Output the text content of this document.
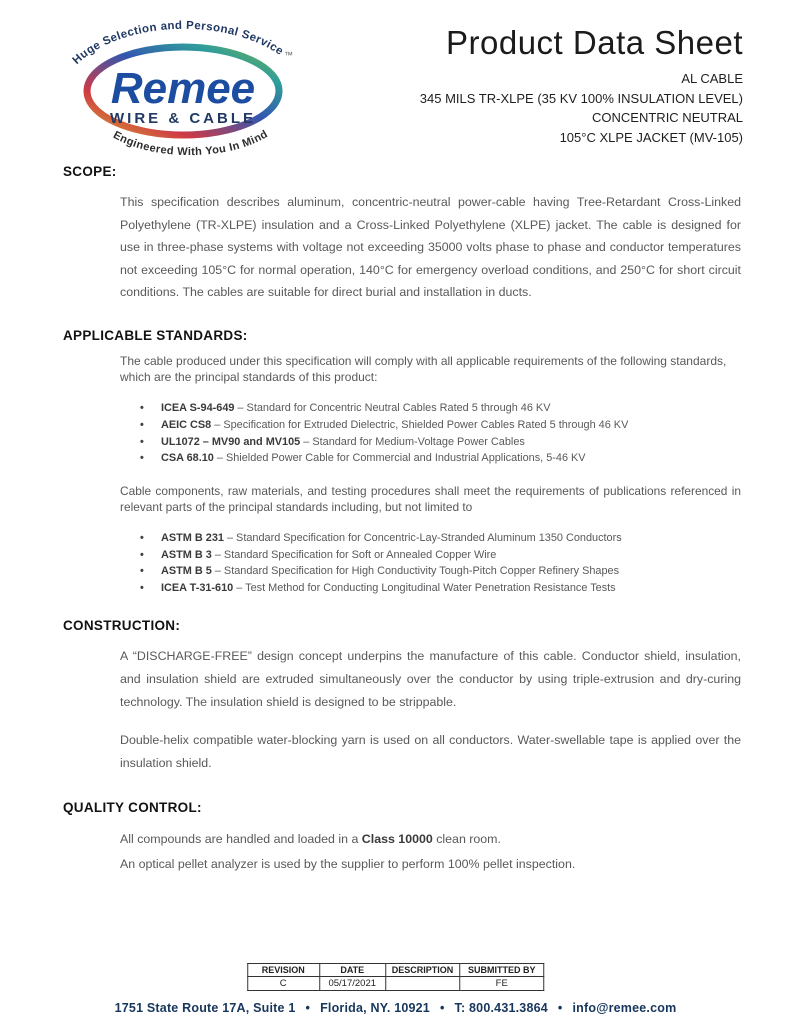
Huge Selection and Personal Service
Remee
WIRE & CABLE
™
Engineered With You In Mind
Product Data Sheet
AL CABLE
345 MILS TR-XLPE (35 KV 100% INSULATION LEVEL)
CONCENTRIC NEUTRAL
105°C XLPE JACKET (MV-105)
SCOPE:

This specification describes aluminum, concentric-neutral power-cable having Tree-Retardant Cross-Linked Polyethylene (TR-XLPE) insulation and a Cross-Linked Polyethylene (XLPE) jacket. The cable is designed for use in three-phase systems with voltage not exceeding 35000 volts phase to phase and conductor temperatures not exceeding 105°C for normal operation, 140°C for emergency overload conditions, and 250°C for short circuit conditions. The cables are suitable for direct burial and installation in ducts.

APPLICABLE STANDARDS:

The cable produced under this specification will comply with all applicable requirements of the following standards, which are the principal standards of this product:

•	ICEA S-94-649 – Standard for Concentric Neutral Cables Rated 5 through 46 KV
•	AEIC CS8 – Specification for Extruded Dielectric, Shielded Power Cables Rated 5 through 46 KV
•	UL1072 – MV90 and MV105 – Standard for Medium-Voltage Power Cables
•	CSA 68.10 – Shielded Power Cable for Commercial and Industrial Applications, 5-46 KV

Cable components, raw materials, and testing procedures shall meet the requirements of publications referenced in relevant parts of the principal standards including, but not limited to

•	ASTM B 231 – Standard Specification for Concentric-Lay-Stranded Aluminum 1350 Conductors
•	ASTM B 3 – Standard Specification for Soft or Annealed Copper Wire
•	ASTM B 5 – Standard Specification for High Conductivity Tough-Pitch Copper Refinery Shapes
•	ICEA T-31-610 – Test Method for Conducting Longitudinal Water Penetration Resistance Tests
CONSTRUCTION:

A “DISCHARGE-FREE” design concept underpins the manufacture of this cable. Conductor shield, insulation, and insulation shield are extruded simultaneously over the conductor by using triple-extrusion and dry-curing technology. The insulation shield is designed to be strippable.

Double-helix compatible water-blocking yarn is used on all conductors. Water-swellable tape is applied over the insulation shield.

QUALITY CONTROL:
All compounds are handled and loaded in a Class 10000 clean room.
An optical pellet analyzer is used by the supplier to perform 100% pellet inspection.
REVISION	DATE	DESCRIPTION	SUBMITTED BY
C	05/17/2021		FE
1751 State Route 17A, Suite 1 • Florida, NY. 10921 • T: 800.431.3864 • info@remee.com
